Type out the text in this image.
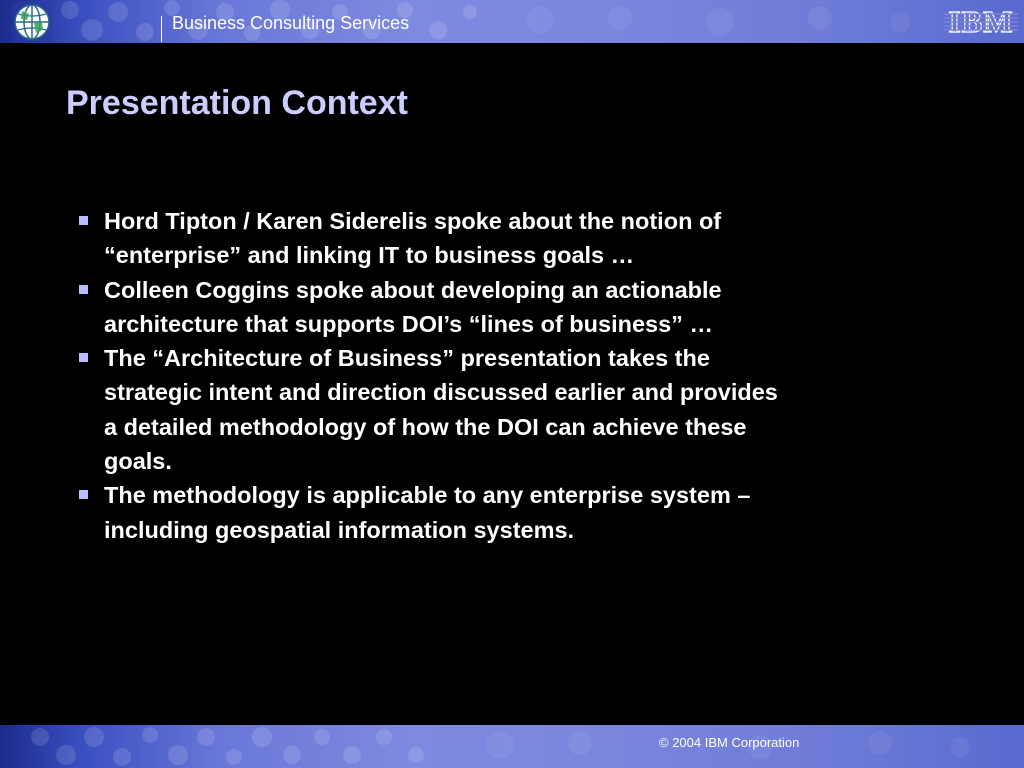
Business Consulting Services	IBM
Presentation Context
Hord Tipton / Karen Siderelis spoke about the notion of
“enterprise” and linking IT to business goals …
Colleen Coggins spoke about developing an actionable
architecture that supports DOI’s “lines of business” …
The “Architecture of Business” presentation takes the
strategic intent and direction discussed earlier and provides
a detailed methodology of how the DOI can achieve these
goals.
The methodology is applicable to any enterprise system –
including geospatial information systems.
© 2004 IBM Corporation
